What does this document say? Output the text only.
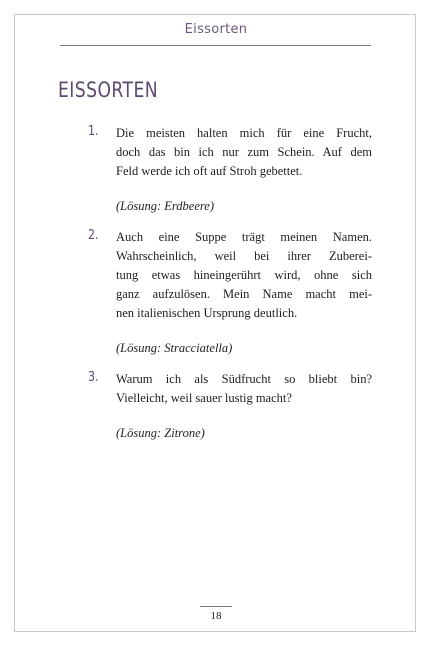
Eissorten
EISSORTEN
1. Die meisten halten mich für eine Frucht,

doch das bin ich nur zum Schein. Auf dem

Feld werde ich oft auf Stroh gebettet.

(Lösung: Erdbeere)
2. Auch eine Suppe trägt meinen Namen.

Wahrscheinlich, weil bei ihrer Zuberei-

tung etwas hineingerührt wird, ohne sich

ganz aufzulösen. Mein Name macht mei-

nen italienischen Ursprung deutlich.

(Lösung: Stracciatella)
3. Warum ich als Südfrucht so bliebt bin?

Vielleicht, weil sauer lustig macht?

(Lösung: Zitrone)
18
